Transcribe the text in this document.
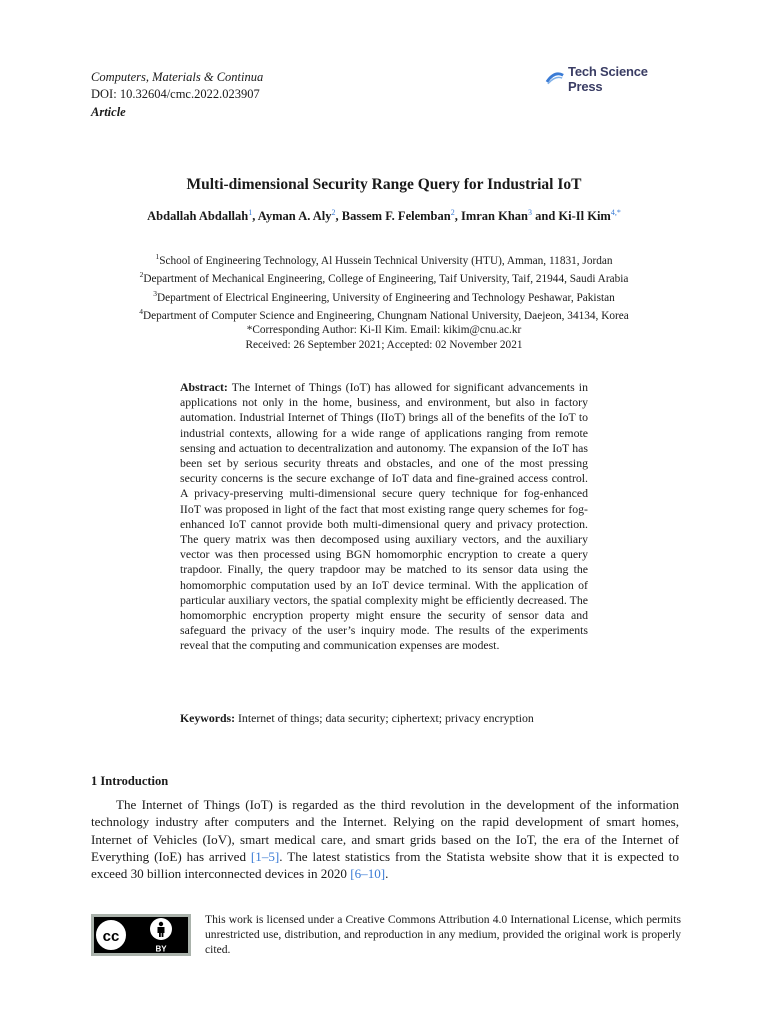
Computers, Materials & Continua
DOI: 10.32604/cmc.2022.023907
Article
Tech Science Press
Multi-dimensional Security Range Query for Industrial IoT
Abdallah Abdallah$^1$, Ayman A. Aly$^2$, Bassem F. Felemban$^2$, Imran Khan$^3$ and Ki-Il Kim$^{4,*}$
$^1$School of Engineering Technology, Al Hussein Technical University (HTU), Amman, 11831, Jordan
$^2$Department of Mechanical Engineering, College of Engineering, Taif University, Taif, 21944, Saudi Arabia
$^3$Department of Electrical Engineering, University of Engineering and Technology Peshawar, Pakistan
$^4$Department of Computer Science and Engineering, Chungnam National University, Daejeon, 34134, Korea
*Corresponding Author: Ki-Il Kim. Email: kikim@cnu.ac.kr
Received: 26 September 2021; Accepted: 02 November 2021
Abstract: The Internet of Things (IoT) has allowed for significant advancements in applications not only in the home, business, and environment, but also in factory automation. Industrial Internet of Things (IIoT) brings all of the benefits of the IoT to industrial contexts, allowing for a wide range of applications ranging from remote sensing and actuation to decentralization and autonomy. The expansion of the IoT has been set by serious security threats and obstacles, and one of the most pressing security concerns is the secure exchange of IoT data and fine-grained access control. A privacy-preserving multi-dimensional secure query technique for fog-enhanced IIoT was proposed in light of the fact that most existing range query schemes for fog-enhanced IoT cannot provide both multi-dimensional query and privacy protection. The query matrix was then decomposed using auxiliary vectors, and the auxiliary vector was then processed using BGN homomorphic encryption to create a query trapdoor. Finally, the query trapdoor may be matched to its sensor data using the homomorphic computation used by an IoT device terminal. With the application of particular auxiliary vectors, the spatial complexity might be efficiently decreased. The homomorphic encryption property might ensure the security of sensor data and safeguard the privacy of the user’s inquiry mode. The results of the experiments reveal that the computing and communication expenses are modest.
Keywords: Internet of things; data security; ciphertext; privacy encryption
1 Introduction

The Internet of Things (IoT) is regarded as the third revolution in the development of the information technology industry after computers and the Internet. Relying on the rapid development of smart homes, Internet of Vehicles (IoV), smart medical care, and smart grids based on the IoT, the era of the Internet of Everything (IoE) has arrived [1–5]. The latest statistics from the Statista website show that it is expected to exceed 30 billion interconnected devices in 2020 [6–10].

cc
BY
This work is licensed under a Creative Commons Attribution 4.0 International License, which permits unrestricted use, distribution, and reproduction in any medium, provided the original work is properly cited.
